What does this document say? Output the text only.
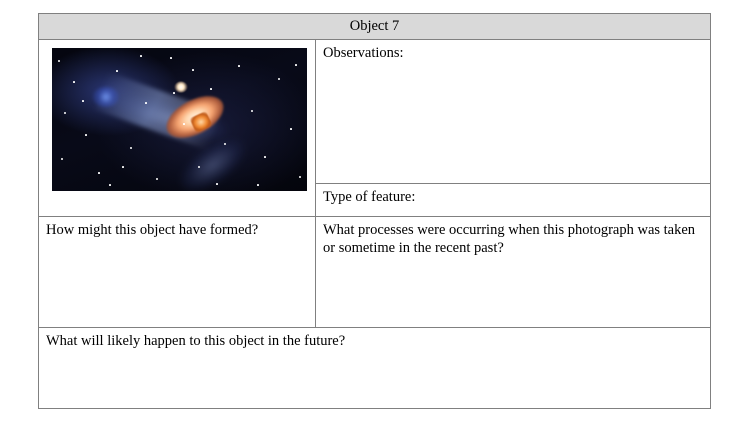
Object 7	

	Observations:

	Type of feature:

How might this object have formed?	What processes were occurring when this photograph was taken or sometime in the recent past?

What will likely happen to this object in the future?	
